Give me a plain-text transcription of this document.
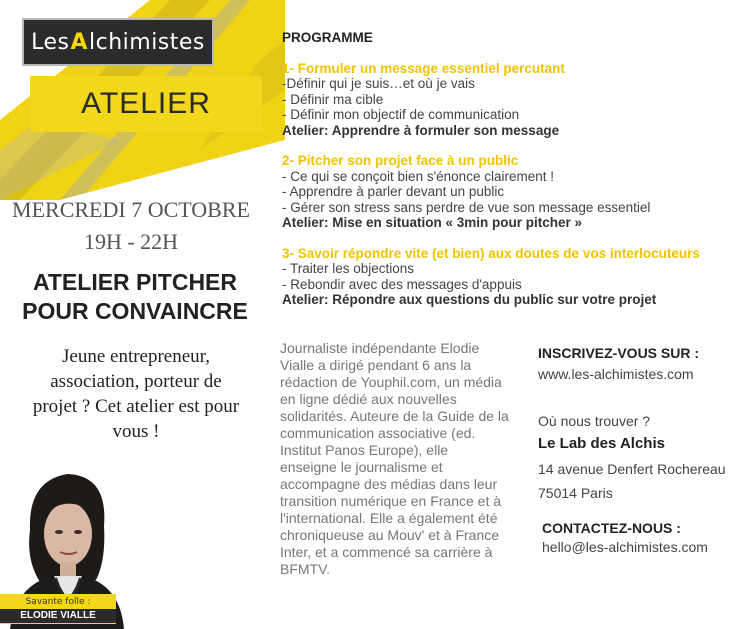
Les A lchimistes
ATELIER
MERCREDI 7 OCTOBRE
19H - 22H
ATELIER PITCHER
POUR CONVAINCRE
Jeune entrepreneur,
association, porteur de
projet ? Cet atelier est pour
vous !
Savante folle :
ELODIE VIALLE
PROGRAMME
1- Formuler un message essentiel percutant
-Définir qui je suis…et où je vais
- Définir ma cible
- Définir mon objectif de communication
Atelier: Apprendre à formuler son message
2- Pitcher son projet face à un public
- Ce qui se conçoit bien s'énonce clairement !
- Apprendre à parler devant un public
- Gérer son stress sans perdre de vue son message essentiel
Atelier: Mise en situation « 3min pour pitcher »
3- Savoir répondre vite (et bien) aux doutes de vos interlocuteurs
- Traiter les objections
- Rebondir avec des messages d'appuis
Atelier: Répondre aux questions du public sur votre projet
Journaliste indépendante Elodie
Vialle a dirigé pendant 6 ans la
rédaction de Youphil.com, un média
en ligne dédié aux nouvelles
solidarités. Auteure de la Guide de la
communication associative (ed.
Institut Panos Europe), elle
enseigne le journalisme et
accompagne des médias dans leur
transition numérique en France et à
l'international. Elle a également été
chroniqueuse au Mouv' et à France
Inter, et a commencé sa carrière à
BFMTV.
INSCRIVEZ-VOUS SUR :
www.les-alchimistes.com
Où nous trouver ?
Le Lab des Alchis
14 avenue Denfert Rochereau
75014 Paris
CONTACTEZ-NOUS :
hello@les-alchimistes.com
